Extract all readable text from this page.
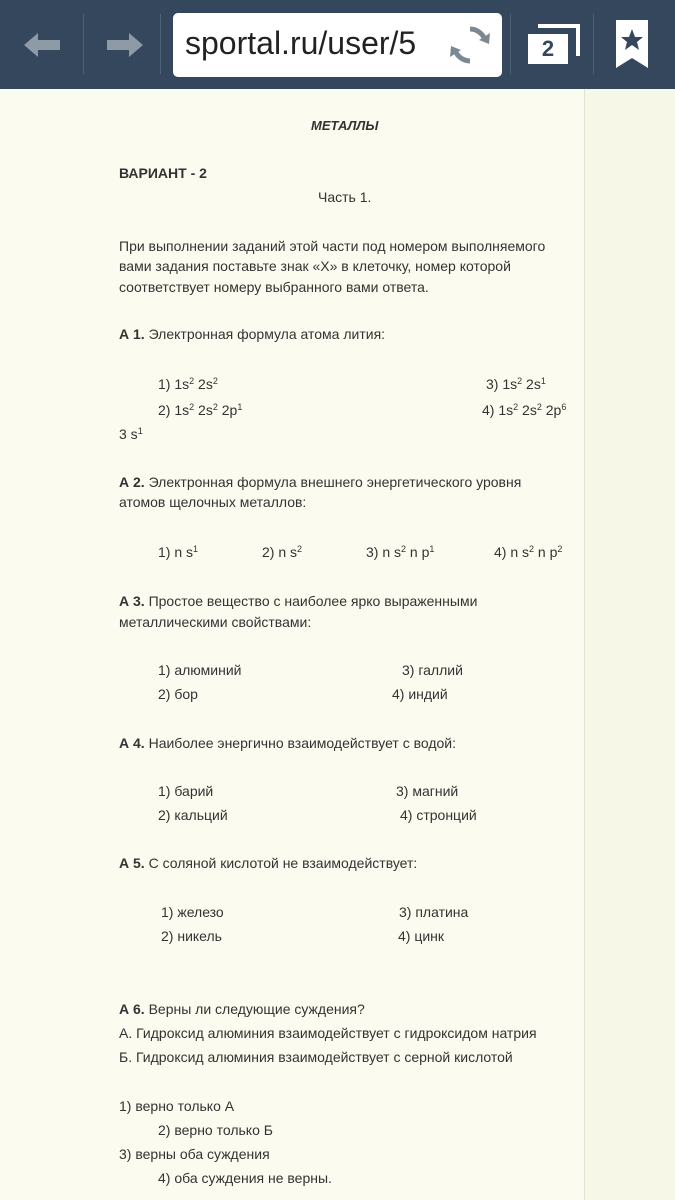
sportal.ru/user/5	2
МЕТАЛЛЫ
ВАРИАНТ - 2
Часть 1.
При выполнении заданий этой части под номером выполняемого
вами задания поставьте знак «X» в клеточку, номер которой
соответствует номеру выбранного вами ответа.
А 1. Электронная формула атома лития:
1) $1s^2$ $2s^2$	3) $1s^2$ $2s^1$
2) $1s^2$ $2s^2$ $2p^1$	4) $1s^2$ $2s^2$ $2p^6$
3 $s^1$
А 2. Электронная формула внешнего энергетического уровня
атомов щелочных металлов:
1) n $s^1$	2) n $s^2$	3) n $s^2$ n $p^1$	4) n $s^2$ n $p^2$
А 3. Простое вещество с наиболее ярко выраженными
металлическими свойствами:
1) алюминий	3) галлий
2) бор	4) индий
А 4. Наиболее энергично взаимодействует с водой:
1) барий	3) магний
2) кальций	4) стронций
А 5. С соляной кислотой не взаимодействует:
1) железо	3) платина
2) никель	4) цинк
А 6. Верны ли следующие суждения?
А. Гидроксид алюминия взаимодействует с гидроксидом натрия
Б. Гидроксид алюминия взаимодействует с серной кислотой
1) верно только А
2) верно только Б
3) верны оба суждения
4) оба суждения не верны.
